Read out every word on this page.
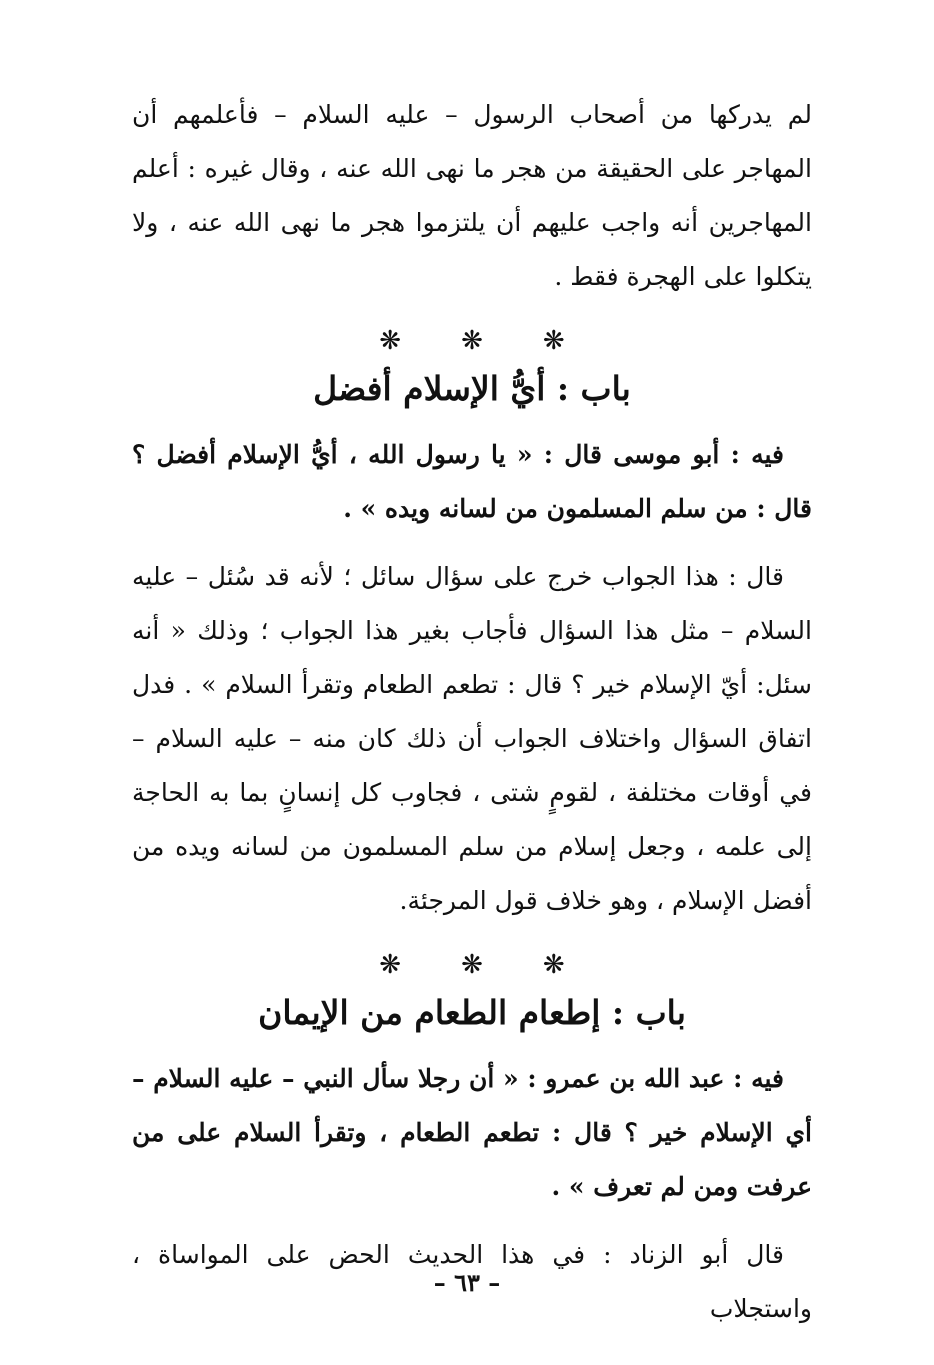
لم يدركها من أصحاب الرسول – عليه السلام – فأعلمهم أن المهاجر على الحقيقة من هجر ما نهى الله عنه ، وقال غيره : أعلم المهاجرين أنه واجب عليهم أن يلتزموا هجر ما نهى الله عنه ، ولا يتكلوا على الهجرة فقط .

❋ ❋ ❋
باب : أيُّ الإسلام أفضل

فيه : أبو موسى قال : « يا رسول الله ، أيُّ الإسلام أفضل ؟ قال : من سلم المسلمون من لسانه ويده » .

قال : هذا الجواب خرج على سؤال سائل ؛ لأنه قد سُئل – عليه السلام – مثل هذا السؤال فأجاب بغير هذا الجواب ؛ وذلك « أنه سئل: أيّ الإسلام خير ؟ قال : تطعم الطعام وتقرأ السلام » . فدل اتفاق السؤال واختلاف الجواب أن ذلك كان منه – عليه السلام – في أوقات مختلفة ، لقومٍ شتى ، فجاوب كل إنسانٍ بما به الحاجة إلى علمه ، وجعل إسلام من سلم المسلمون من لسانه ويده من أفضل الإسلام ، وهو خلاف قول المرجئة.

❋ ❋ ❋
باب : إطعام الطعام من الإيمان

فيه : عبد الله بن عمرو : « أن رجلا سأل النبي – عليه السلام – أي الإسلام خير ؟ قال : تطعم الطعام ، وتقرأ السلام على من عرفت ومن لم تعرف » .

قال أبو الزناد : في هذا الحديث الحض على المواساة ، واستجلاب

– ٦٣ –
